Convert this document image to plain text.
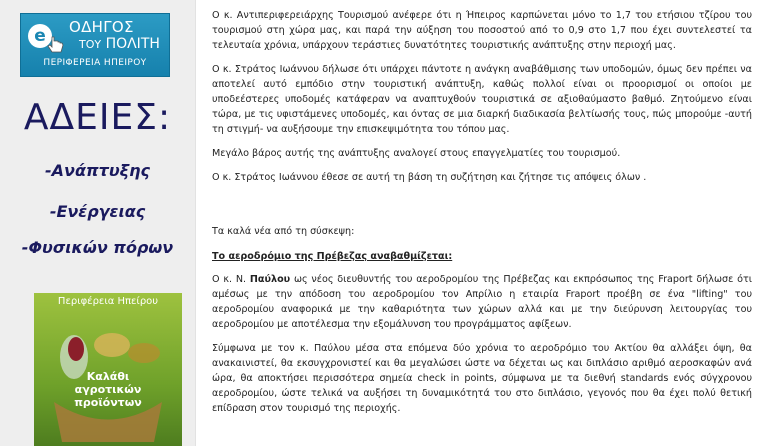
e	ΟΔΗΓΟΣ
ΤΟΥ ΠΟΛΙΤΗ
ΠΕΡΙΦΕΡΕΙΑ ΗΠΕΙΡΟΥ
ΑΔΕΙΕΣ:
-Ανάπτυξης
-Ενέργειας
-Φυσικών πόρων
Περιφέρεια Ηπείρου
Καλάθι
αγροτικών
προϊόντων

Ο κ. Αντιπεριφερειάρχης Τουρισμού ανέφερε ότι η Ήπειρος καρπώνεται μόνο το 1,7 του ετήσιου τζίρου του τουρισμού στη χώρα μας, και παρά την αύξηση του ποσοστού από το 0,9 στο 1,7 που έχει συντελεστεί τα τελευταία χρόνια, υπάρχουν τεράστιες δυνατότητες τουριστικής ανάπτυξης στην περιοχή μας.

Ο κ. Στράτος Ιωάννου δήλωσε ότι υπάρχει πάντοτε η ανάγκη αναβάθμισης των υποδομών, όμως δεν πρέπει να αποτελεί αυτό εμπόδιο στην τουριστική ανάπτυξη, καθώς πολλοί είναι οι προορισμοί οι οποίοι με υποδεέστερες υποδομές κατάφεραν να αναπτυχθούν τουριστικά σε αξιοθαύμαστο βαθμό. Ζητούμενο είναι τώρα, με τις υφιστάμενες υποδομές, και όντας σε μια διαρκή διαδικασία βελτίωσής τους, πώς μπορούμε -αυτή τη στιγμή- να αυξήσουμε την επισκεψιμότητα του τόπου μας.

Μεγάλο βάρος αυτής της ανάπτυξης αναλογεί στους επαγγελματίες του τουρισμού.

Ο κ. Στράτος Ιωάννου έθεσε σε αυτή τη βάση τη συζήτηση και ζήτησε τις απόψεις όλων .

Τα καλά νέα από τη σύσκεψη:

Το αεροδρόμιο της Πρέβεζας αναβαθμίζεται:

Ο κ. Ν. Παύλου ως νέος διευθυντής του αεροδρομίου της Πρέβεζας και εκπρόσωπος της Fraport δήλωσε ότι αμέσως με την απόδοση του αεροδρομίου τον Απρίλιο η εταιρία Fraport προέβη σε ένα "lifting" του αεροδρομίου αναφορικά με την καθαριότητα των χώρων αλλά και με την διεύρυνση λειτουργίας του αεροδρομίου με αποτέλεσμα την εξομάλυνση του προγράμματος αφίξεων.

Σύμφωνα με τον κ. Παύλου μέσα στα επόμενα δύο χρόνια το αεροδρόμιο του Ακτίου θα αλλάξει όψη, θα ανακαινιστεί, θα εκσυγχρονιστεί και θα μεγαλώσει ώστε να δέχεται ως και διπλάσιο αριθμό αεροσκαφών ανά ώρα, θα αποκτήσει περισσότερα σημεία check in points, σύμφωνα με τα διεθνή standards ενός σύγχρονου αεροδρομίου, ώστε τελικά να αυξήσει τη δυναμικότητά του στο διπλάσιο, γεγονός που θα έχει πολύ θετική επίδραση στον τουρισμό της περιοχής.
